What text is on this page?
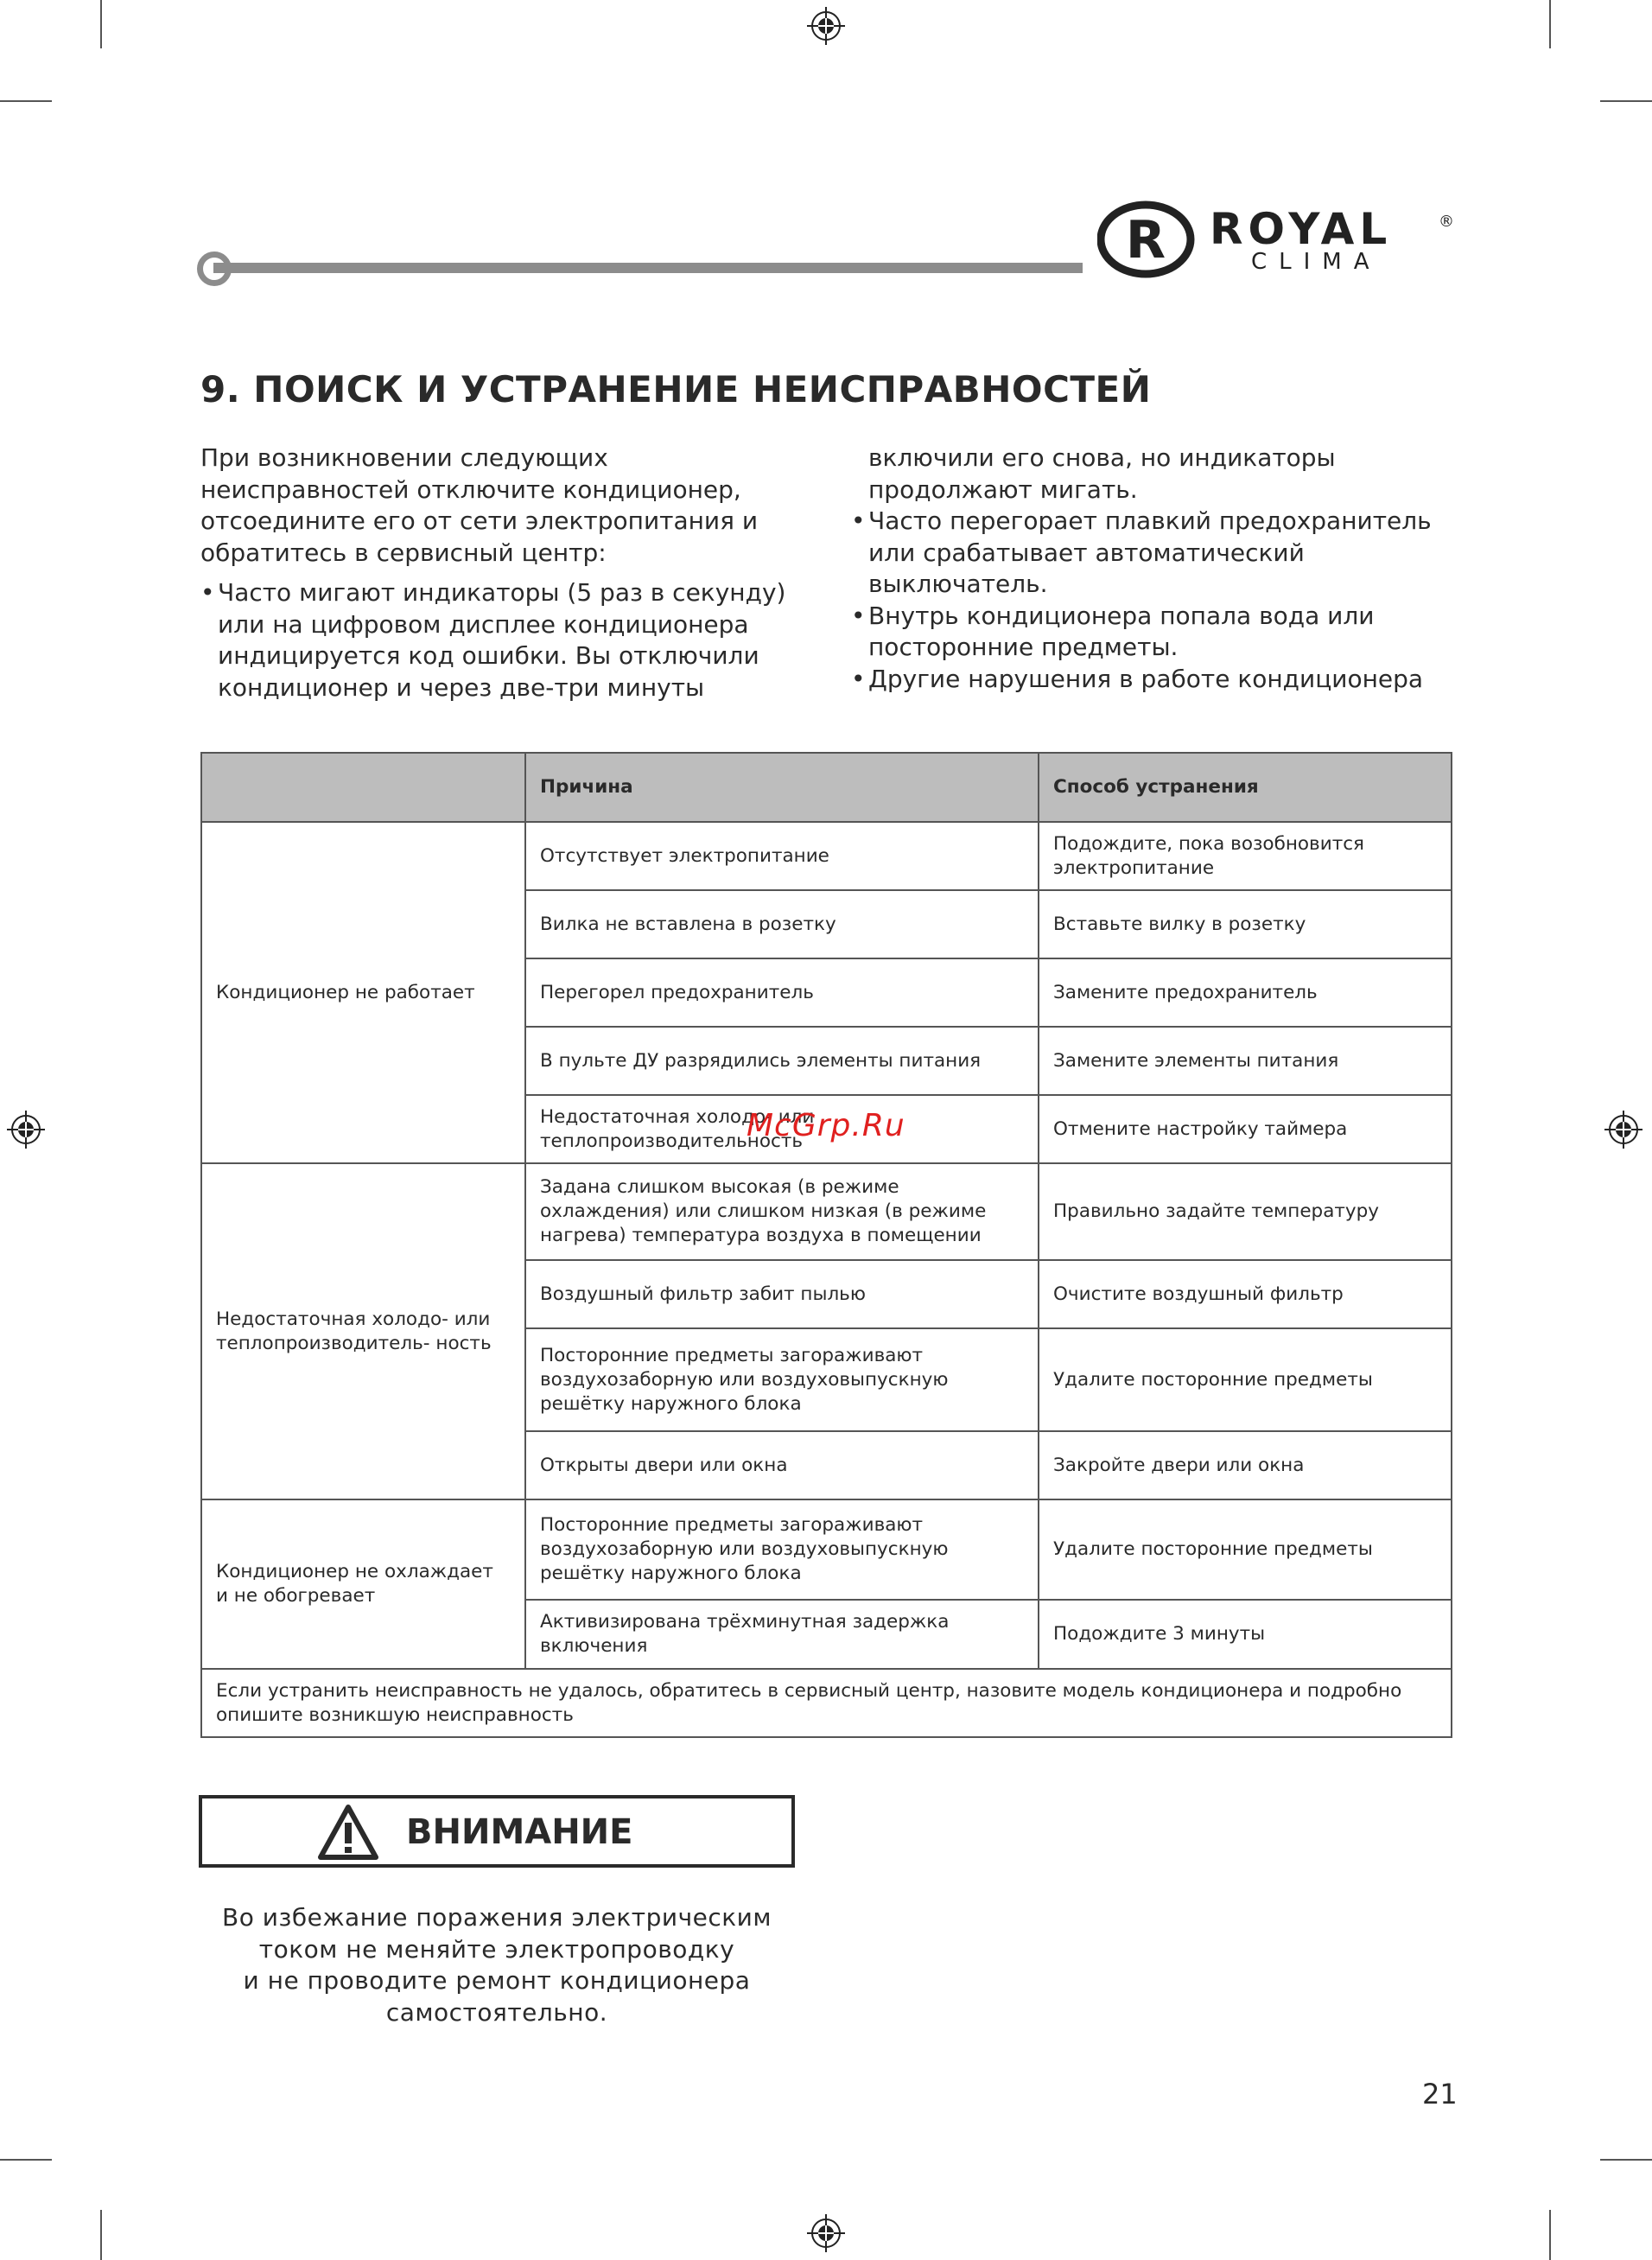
R ROYAL	®
CLIMA
9. ПОИСК И УСТРАНЕНИЕ НЕИСПРАВНОСТЕЙ

При возникновении следующих
неисправностей отключите кондиционер,
отсоедините его от сети электропитания и
обратитесь в сервисный центр:

• Часто мигают индикаторы (5 раз в секунду)
или на цифровом дисплее кондиционера
индицируется код ошибки. Вы отключили
кондиционер и через две-три минуты

включили его снова, но индикаторы
продолжают мигать.

• Часто перегорает плавкий предохранитель
или срабатывает автоматический
выключатель.

• Внутрь кондиционера попала вода или
посторонние предметы.

• Другие нарушения в работе кондиционера

	Причина	Способ устранения
Кондиционер не работает	Отсутствует электропитание	Подождите, пока возобновится электропитание
	Вилка не вставлена в розетку	Вставьте вилку в розетку
	Перегорел предохранитель	Замените предохранитель
	В пульте ДУ разрядились элементы питания	Замените элементы питания
	Недостаточная холодо- или теплопроизводительность	Отмените настройку таймера
Недостаточная холодо- или теплопроизводитель- ность	Задана слишком высокая (в режиме охлаждения) или слишком низкая (в режиме нагрева) температура воздуха в помещении	Правильно задайте температуру
	Воздушный фильтр забит пылью	Очистите воздушный фильтр
	Посторонние предметы загораживают воздухозаборную или воздуховыпускную решётку наружного блока	Удалите посторонние предметы
	Открыты двери или окна	Закройте двери или окна
Кондиционер не охлаждает и не обогревает	Посторонние предметы загораживают воздухозаборную или воздуховыпускную решётку наружного блока	Удалите посторонние предметы
	Активизирована трёхминутная задержка включения	Подождите 3 минуты
Если устранить неисправность не удалось, обратитесь в сервисный центр, назовите модель кондиционера и подробно опишите возникшую неисправность		
McGrp.Ru
ВНИМАНИЕ
Во избежание поражения электрическим
током не меняйте электропроводку
и не проводите ремонт кондиционера
самостоятельно.
21
